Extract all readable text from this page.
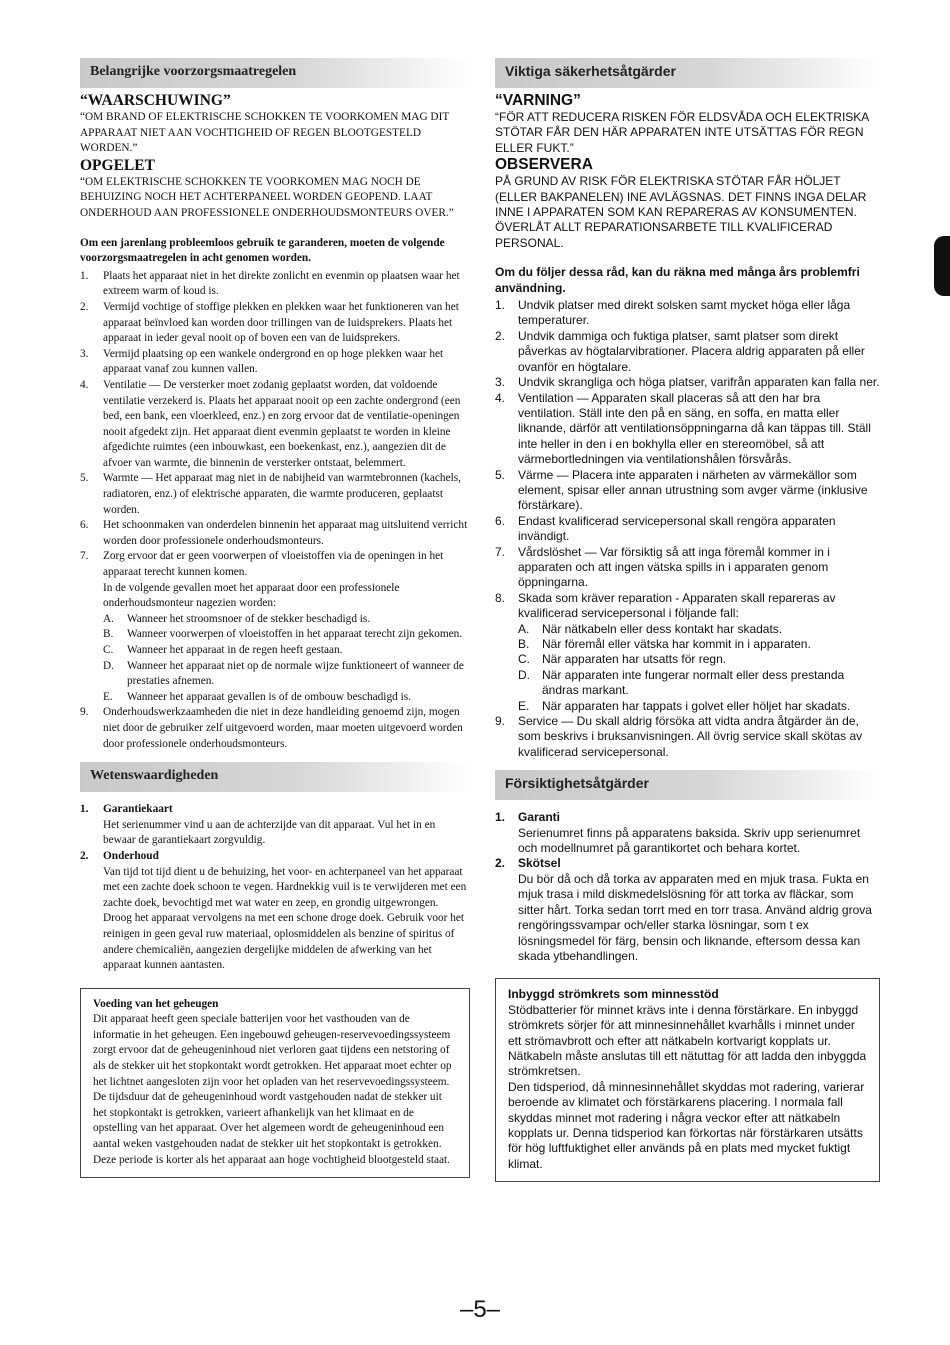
Belangrijke voorzorgsmaatregelen

“WAARSCHUWING”

“OM BRAND OF ELEKTRISCHE SCHOKKEN TE VOORKOMEN MAG DIT APPARAAT NIET AAN VOCHTIGHEID OF REGEN BLOOTGESTELD WORDEN.”

OPGELET

“OM ELEKTRISCHE SCHOKKEN TE VOORKOMEN MAG NOCH DE BEHUIZING NOCH HET ACHTERPANEEL WORDEN GEOPEND. LAAT ONDERHOUD AAN PROFESSIONELE ONDERHOUDSMONTEURS OVER.”

Om een jarenlang probleemloos gebruik te garanderen, moeten de volgende voorzorgsmaatregelen in acht genomen worden.

1.	Plaats het apparaat niet in het direkte zonlicht en evenmin op plaatsen waar het extreem warm of koud is.
2.	Vermijd vochtige of stoffige plekken en plekken waar het funktioneren van het apparaat beïnvloed kan worden door trillingen van de luidsprekers. Plaats het apparaat in ieder geval nooit op of boven een van de luidsprekers.
3.	Vermijd plaatsing op een wankele ondergrond en op hoge plekken waar het apparaat vanaf zou kunnen vallen.
4.	Ventilatie — De versterker moet zodanig geplaatst worden, dat voldoende ventilatie verzekerd is. Plaats het apparaat nooit op een zachte ondergrond (een bed, een bank, een vloerkleed, enz.) en zorg ervoor dat de ventilatie-openingen nooit afgedekt zijn. Het apparaat dient evenmin geplaatst te worden in kleine afgedichte ruimtes (een inbouwkast, een boekenkast, enz.), aangezien dit de afvoer van warmte, die binnenin de versterker ontstaat, belemmert.
5.	Warmte — Het apparaat mag niet in de nabijheid van warmtebronnen (kachels, radiatoren, enz.) of elektrische apparaten, die warmte produceren, geplaatst worden.
6.	Het schoonmaken van onderdelen binnenin het apparaat mag uitsluitend verricht worden door professionele onderhoudsmonteurs.
7.	Zorg ervoor dat er geen voorwerpen of vloeistoffen via de openingen in het apparaat terecht kunnen komen.
In de volgende gevallen moet het apparaat door een professionele onderhoudsmonteur nagezien worden:
A. Wanneer het stroomsnoer of de stekker beschadigd is.
B. Wanneer voorwerpen of vloeistoffen in het apparaat terecht zijn gekomen.
C. Wanneer het apparaat in de regen heeft gestaan.
D. Wanneer het apparaat niet op de normale wijze funktioneert of wanneer de prestaties afnemen.
E. Wanneer het apparaat gevallen is of de ombouw beschadigd is.
9.	Onderhoudswerkzaamheden die niet in deze handleiding genoemd zijn, mogen niet door de gebruiker zelf uitgevoerd worden, maar moeten uitgevoerd worden door professionele onderhoudsmonteurs.
Wetenswaardigheden
1. Garantiekaart
Het serienummer vind u aan de achterzijde van dit apparaat. Vul het in en bewaar de garantiekaart zorgvuldig.
2. Onderhoud
Van tijd tot tijd dient u de behuizing, het voor- en achterpaneel van het apparaat met een zachte doek schoon te vegen. Hardnekkig vuil is te verwijderen met een zachte doek, bevochtigd met wat water en zeep, en grondig uitgewrongen. Droog het apparaat vervolgens na met een schone droge doek. Gebruik voor het reinigen in geen geval ruw materiaal, oplosmiddelen als benzine of spiritus of andere chemicaliën, aangezien dergelijke middelen de afwerking van het apparaat kunnen aantasten.
Voeding van het geheugen
Dit apparaat heeft geen speciale batterijen voor het vasthouden van de informatie in het geheugen. Een ingebouwd geheugen-reservevoedingssysteem zorgt ervoor dat de geheugeninhoud niet verloren gaat tijdens een netstoring of als de stekker uit het stopkontakt wordt getrokken. Het apparaat moet echter op het lichtnet aangesloten zijn voor het opladen van het reservevoedingssysteem. De tijdsduur dat de geheugeninhoud wordt vastgehouden nadat de stekker uit het stopkontakt is getrokken, varieert afhankelijk van het klimaat en de opstelling van het apparaat. Over het algemeen wordt de geheugeninhoud een aantal weken vastgehouden nadat de stekker uit het stopkontakt is getrokken. Deze periode is korter als het apparaat aan hoge vochtigheid blootgesteld staat.
Viktiga säkerhetsåtgärder

“VARNING”

“FÖR ATT REDUCERA RISKEN FÖR ELDSVÅDA OCH ELEKTRISKA STÖTAR FÅR DEN HÄR APPARATEN INTE UTSÄTTAS FÖR REGN ELLER FUKT.”

OBSERVERA

PÅ GRUND AV RISK FÖR ELEKTRISKA STÖTAR FÅR HÖLJET (ELLER BAKPANELEN) INE AVLÄGSNAS. DET FINNS INGA DELAR INNE I APPARATEN SOM KAN REPARERAS AV KONSUMENTEN. ÖVERLÅT ALLT REPARATIONSARBETE TILL KVALIFICERAD PERSONAL.

Om du följer dessa råd, kan du räkna med många års problemfri användning.

1.	Undvik platser med direkt solsken samt mycket höga eller låga temperaturer.
2.	Undvik dammiga och fuktiga platser, samt platser som direkt påverkas av högtalarvibrationer. Placera aldrig apparaten på eller ovanför en högtalare.
3.	Undvik skrangliga och höga platser, varifrån apparaten kan falla ner.
4.	Ventilation — Apparaten skall placeras så att den har bra ventilation. Ställ inte den på en säng, en soffa, en matta eller liknande, därför att ventilationsöppningarna då kan täppas till. Ställ inte heller in den i en bokhylla eller en stereomöbel, så att värmebortledningen via ventilationshålen försvårås.
5.	Värme — Placera inte apparaten i närheten av värmekällor som element, spisar eller annan utrustning som avger värme (inklusive förstärkare).
6.	Endast kvalificerad servicepersonal skall rengöra apparaten invändigt.
7.	Vårdslöshet — Var försiktig så att inga föremål kommer in i apparaten och att ingen vätska spills in i apparaten genom öppningarna.
8.	Skada som kräver reparation - Apparaten skall repareras av kvalificerad servicepersonal i följande fall:
A. När nätkabeln eller dess kontakt har skadats.
B. När föremål eller vätska har kommit in i apparaten.
C. När apparaten har utsatts för regn.
D. När apparaten inte fungerar normalt eller dess prestanda ändras markant.
E. När apparaten har tappats i golvet eller höljet har skadats.
9.	Service — Du skall aldrig försöka att vidta andra åtgärder än de, som beskrivs i bruksanvisningen. All övrig service skall skötas av kvalificerad servicepersonal.
Försiktighetsåtgärder
1. Garanti
Serienumret finns på apparatens baksida. Skriv upp serienumret och modellnumret på garantikortet och behara kortet.
2. Skötsel
Du bör då och då torka av apparaten med en mjuk trasa. Fukta en mjuk trasa i mild diskmedelslösning för att torka av fläckar, som sitter hårt. Torka sedan torrt med en torr trasa. Använd aldrig grova rengöringssvampar och/eller starka lösningar, som t ex lösningsmedel för färg, bensin och liknande, eftersom dessa kan skada ytbehandlingen.
Inbyggd strömkrets som minnesstöd
Stödbatterier för minnet krävs inte i denna förstärkare. En inbyggd strömkrets sörjer för att minnesinnehållet kvarhålls i minnet under ett strömavbrott och efter att nätkabeln kortvarigt kopplats ur. Nätkabeln måste anslutas till ett nätuttag för att ladda den inbyggda strömkretsen.
Den tidsperiod, då minnesinnehållet skyddas mot radering, varierar beroende av klimatet och förstärkarens placering. I normala fall skyddas minnet mot radering i några veckor efter att nätkabeln kopplats ur. Denna tidsperiod kan förkortas när förstärkaren utsätts för hög luftfuktighet eller används på en plats med mycket fuktigt klimat.
–5–
